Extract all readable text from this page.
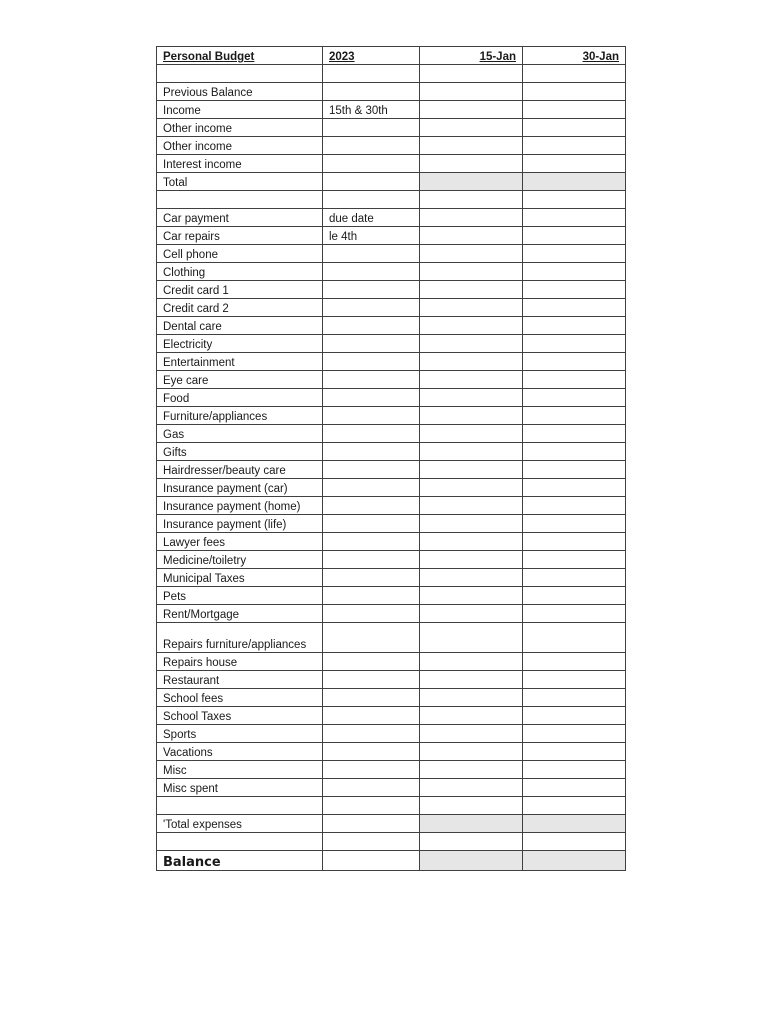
Personal Budget	2023	15-Jan	30-Jan

Previous Balance			
Income	15th & 30th		
Other income			
Other income			
Interest income			
Total			

Car payment	due date		
Car repairs	le 4th		
Cell phone			
Clothing			
Credit card 1			
Credit card 2			
Dental care			
Electricity			
Entertainment			
Eye care			
Food			
Furniture/appliances			
Gas			
Gifts			
Hairdresser/beauty care			
Insurance payment (car)			
Insurance payment (home)			
Insurance payment (life)			
Lawyer fees			
Medicine/toiletry			
Municipal Taxes			
Pets			
Rent/Mortgage			
Repairs furniture/appliances			
Repairs house			
Restaurant			
School fees			
School Taxes			
Sports			
Vacations			
Misc			
Misc spent			

'Total expenses			

Balance			
